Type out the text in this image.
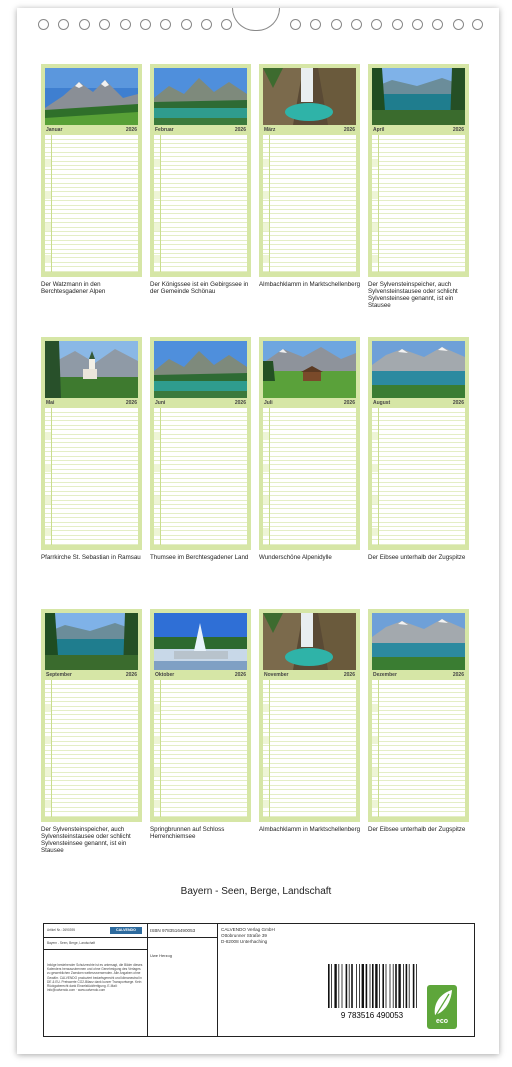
Januar	2026
Der Watzmann in den Berchtesgadener Alpen
Februar	2026
Der Königssee ist ein Gebirgssee in der Gemeinde Schönau
März	2026
Almbachklamm in Marktschellenberg
April	2026
Der Sylvensteinspeicher, auch Sylvensteinstausee oder schlicht Sylvensteinsee genannt, ist ein Stausee
Mai	2026
Pfarrkirche St. Sebastian in Ramsau
Juni	2026
Thumsee im Berchtesgadener Land
Juli	2026
Wunderschöne Alpenidylle
August	2026
Der Eibsee unterhalb der Zugspitze
September	2026
Der Sylvensteinspeicher, auch Sylvensteinstausee oder schlicht Sylvensteinsee genannt, ist ein Stausee
Oktober	2026
Springbrunnen auf Schloss Herrenchiemsee
November	2026
Almbachklamm in Marktschellenberg
Dezember	2026
Der Eibsee unterhalb der Zugspitze
Bayern - Seen, Berge, Landschaft
Artikel Nr.: 2690395	CALVENDO
Bayern - Seen, Berge, Landschaft
Infolge bestehender Schutzrechte ist es untersagt, die Bilder dieses Kalenders herauszutrennen und ohne Genehmigung des Verlages zu gewerblichen Zwecken weiterzuverwenden. Alle Angaben ohne Gewähr. CALVENDO produziert bedarfsgerecht und klimaneutral in DE & EU. Preiswerte CO2-Bilanz dank kurzer Transportwege. Kein Rückgaberecht dank Einzelstückfertigung. E-Mail: info@calvendo.com · www.calvendo.com
ISBN 9783516490053
Uwe Herzog
CALVENDO Verlag GmbH
Ottobrunner Straße 39
D-82008 Unterhaching
9 783516 490053
eco
